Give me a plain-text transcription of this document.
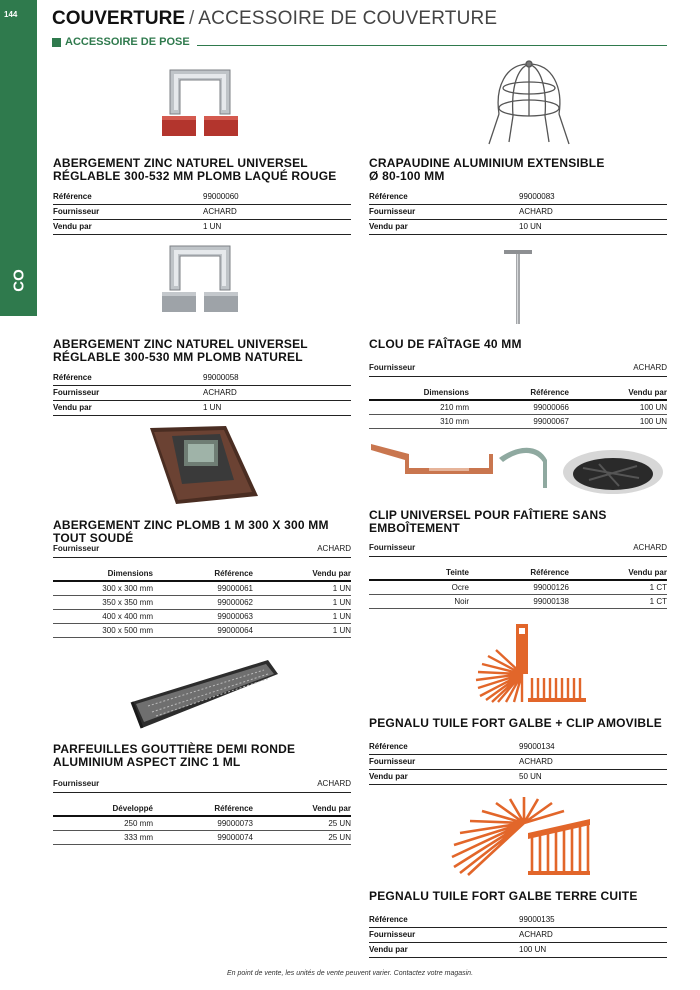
144
CO
COUVERTURE / ACCESSOIRE DE COUVERTURE
ACCESSOIRE DE POSE
ABERGEMENT ZINC NATUREL UNIVERSEL
RÉGLABLE 300-532 MM PLOMB LAQUÉ ROUGE
Référence	99000060
Fournisseur	ACHARD
Vendu par	1 UN
CRAPAUDINE ALUMINIUM EXTENSIBLE
Ø 80-100 MM
Référence	99000083
Fournisseur	ACHARD
Vendu par	10 UN
ABERGEMENT ZINC NATUREL UNIVERSEL
RÉGLABLE 300-530 MM PLOMB NATUREL
Référence	99000058
Fournisseur	ACHARD
Vendu par	1 UN
CLOU DE FAÎTAGE 40 MM
Fournisseur	ACHARD
Dimensions	Référence	Vendu par
210 mm	99000066	100 UN
310 mm	99000067	100 UN
ABERGEMENT ZINC PLOMB 1 M 300 X 300 MM
TOUT SOUDÉ
Fournisseur	ACHARD
Dimensions	Référence	Vendu par
300 x 300 mm	99000061	1 UN
350 x 350 mm	99000062	1 UN
400 x 400 mm	99000063	1 UN
300 x 500 mm	99000064	1 UN
CLIP UNIVERSEL POUR FAÎTIERE SANS
EMBOÎTEMENT
Fournisseur	ACHARD
Teinte	Référence	Vendu par
Ocre	99000126	1 CT
Noir	99000138	1 CT
PEGNALU TUILE FORT GALBE + CLIP AMOVIBLE
Référence	99000134
Fournisseur	ACHARD
Vendu par	50 UN
PARFEUILLES GOUTTIÈRE DEMI RONDE
ALUMINIUM ASPECT ZINC 1 ML
Fournisseur	ACHARD
Développé	Référence	Vendu par
250 mm	99000073	25 UN
333 mm	99000074	25 UN
PEGNALU TUILE FORT GALBE TERRE CUITE
Référence	99000135
Fournisseur	ACHARD
Vendu par	100 UN
En point de vente, les unités de vente peuvent varier. Contactez votre magasin.
